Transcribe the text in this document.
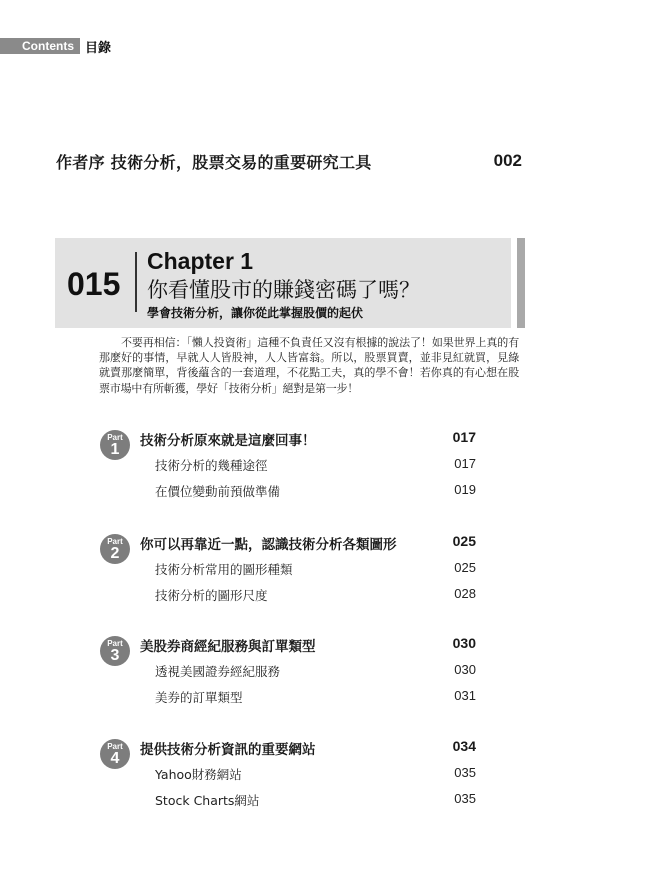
Contents 目錄
作者序 技術分析，股票交易的重要研究工具	002
015
Chapter 1
你看懂股市的賺錢密碼了嗎？
學會技術分析，讓你從此掌握股價的起伏
不要再相信：「懶人投資術」這種不負責任又沒有根據的說法了！如果世界上真的有那麼好的事情，早就人人皆股神，人人皆富翁。所以，股票買賣，並非見紅就買，見綠就賣那麼簡單，背後蘊含的一套道理，不花點工夫，真的學不會！若你真的有心想在股票市場中有所斬獲，學好「技術分析」絕對是第一步！
Part
1	技術分析原來就是這麼回事！	017
技術分析的幾種途徑	017
在價位變動前預做準備	019
Part
2	你可以再靠近一點，認識技術分析各類圖形	025
技術分析常用的圖形種類	025
技術分析的圖形尺度	028
Part
3	美股券商經紀服務與訂單類型	030
透視美國證券經紀服務	030
美券的訂單類型	031
Part
4	提供技術分析資訊的重要網站	034
Yahoo財務網站	035
Stock Charts網站	035
